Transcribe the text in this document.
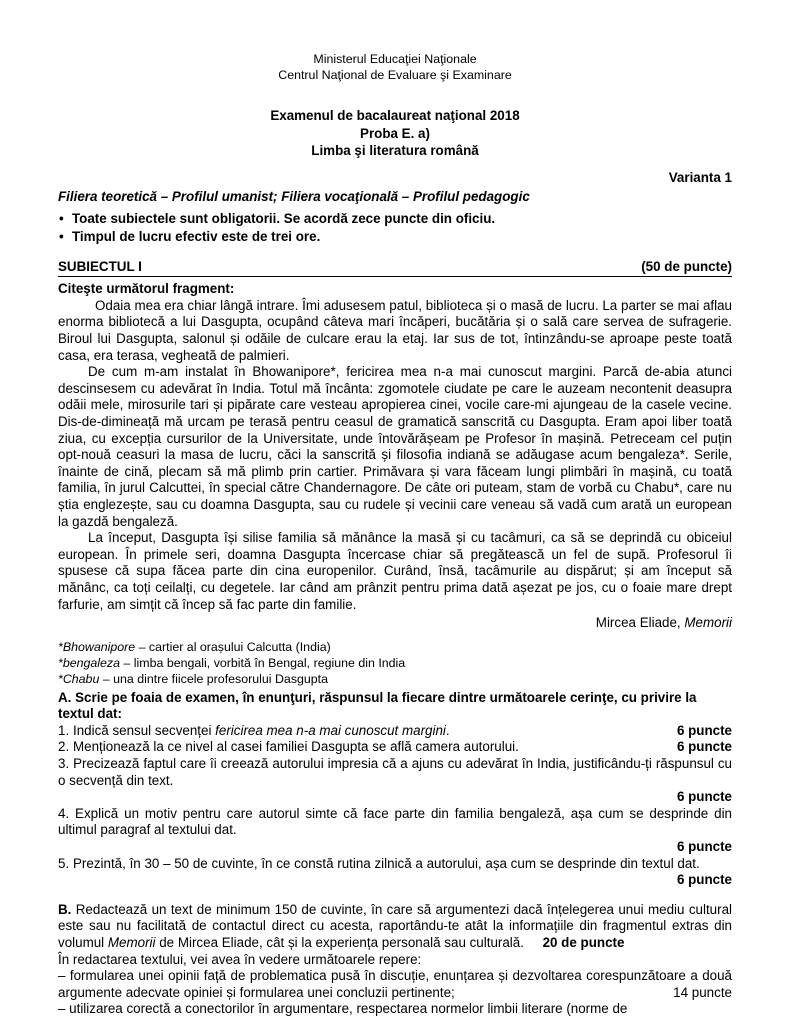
Ministerul Educaţiei Naţionale
Centrul Naţional de Evaluare şi Examinare
Examenul de bacalaureat naţional 2018
Proba E. a)
Limba şi literatura română
Varianta 1
Filiera teoretică – Profilul umanist; Filiera vocaţională – Profilul pedagogic
• Toate subiectele sunt obligatorii. Se acordă zece puncte din oficiu.
• Timpul de lucru efectiv este de trei ore.
SUBIECTUL I	(50 de puncte)
Citeşte următorul fragment:

Odaia mea era chiar lângă intrare. Îmi adusesem patul, biblioteca și o masă de lucru. La parter se mai aflau enorma bibliotecă a lui Dasgupta, ocupând câteva mari încăperi, bucătăria și o sală care servea de sufragerie. Biroul lui Dasgupta, salonul și odăile de culcare erau la etaj. Iar sus de tot, întinzându-se aproape peste toată casa, era terasa, vegheată de palmieri.

De cum m-am instalat în Bhowanipore*, fericirea mea n-a mai cunoscut margini. Parcă de-abia atunci descinsesem cu adevărat în India. Totul mă încânta: zgomotele ciudate pe care le auzeam necontenit deasupra odăii mele, mirosurile tari și pipărate care vesteau apropierea cinei, vocile care-mi ajungeau de la casele vecine. Dis-de-dimineață mă urcam pe terasă pentru ceasul de gramatică sanscrită cu Dasgupta. Eram apoi liber toată ziua, cu excepția cursurilor de la Universitate, unde întovărășeam pe Profesor în mașină. Petreceam cel puțin opt-nouă ceasuri la masa de lucru, căci la sanscrită și filosofia indiană se adăugase acum bengaleza*. Serile, înainte de cină, plecam să mă plimb prin cartier. Primăvara și vara făceam lungi plimbări în mașină, cu toată familia, în jurul Calcuttei, în special către Chandernagore. De câte ori puteam, stam de vorbă cu Chabu*, care nu știa englezește, sau cu doamna Dasgupta, sau cu rudele și vecinii care veneau să vadă cum arată un european la gazdă bengaleză.

La început, Dasgupta își silise familia să mănânce la masă și cu tacâmuri, ca să se deprindă cu obiceiul european. În primele seri, doamna Dasgupta încercase chiar să pregătească un fel de supă. Profesorul îi spusese că supa făcea parte din cina europenilor. Curând, însă, tacâmurile au dispărut; și am început să mănânc, ca toți ceilalți, cu degetele. Iar când am prânzit pentru prima dată așezat pe jos, cu o foaie mare drept farfurie, am simțit că încep să fac parte din familie.

Mircea Eliade, Memorii
*Bhowanipore – cartier al orașului Calcutta (India)
*bengaleza – limba bengali, vorbită în Bengal, regiune din India
*Chabu – una dintre fiicele profesorului Dasgupta
A. Scrie pe foaia de examen, în enunţuri, răspunsul la fiecare dintre următoarele cerinţe, cu privire la textul dat:
1. Indică sensul secvenței fericirea mea n-a mai cunoscut margini.	6 puncte
2. Menționează la ce nivel al casei familiei Dasgupta se află camera autorului.	6 puncte
3. Precizează faptul care îi creează autorului impresia că a ajuns cu adevărat în India, justificându-ți răspunsul cu o secvență din text.
6 puncte
4. Explică un motiv pentru care autorul simte că face parte din familia bengaleză, așa cum se desprinde din ultimul paragraf al textului dat.
6 puncte
5. Prezintă, în 30 – 50 de cuvinte, în ce constă rutina zilnică a autorului, așa cum se desprinde din textul dat.
6 puncte
B. Redactează un text de minimum 150 de cuvinte, în care să argumentezi dacă înțelegerea unui mediu cultural este sau nu facilitată de contactul direct cu acesta, raportându-te atât la informațiile din fragmentul extras din volumul Memorii de Mircea Eliade, cât și la experiența personală sau culturală. 20 de puncte
În redactarea textului, vei avea în vedere următoarele repere:
– formularea unei opinii față de problematica pusă în discuție, enunțarea și dezvoltarea corespunzătoare a două argumente adecvate opiniei și formularea unei concluzii pertinente;	14 puncte
– utilizarea corectă a conectorilor în argumentare, respectarea normelor limbii literare (norme de
